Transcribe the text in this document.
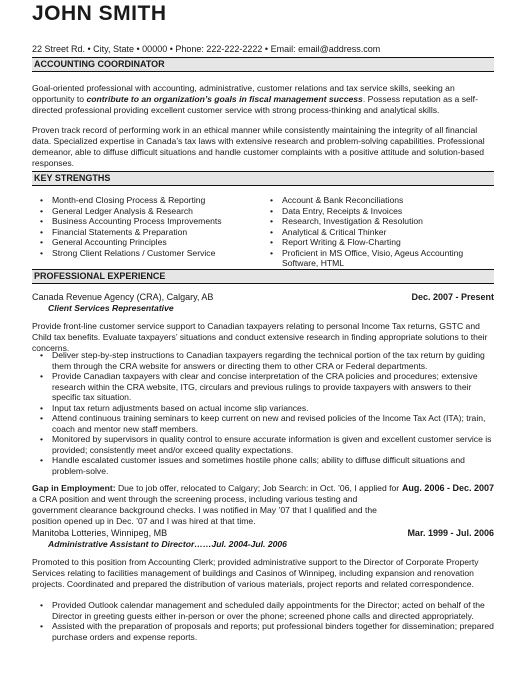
JOHN SMITH
22 Street Rd. • City, State • 00000 • Phone: 222-222-2222 • Email: email@address.com
ACCOUNTING COORDINATOR
Goal-oriented professional with accounting, administrative, customer relations and tax service skills, seeking an opportunity to contribute to an organization’s goals in fiscal management success. Possess reputation as a self-directed professional providing excellent customer service with strong process-thinking and analytical skills.
Proven track record of performing work in an ethical manner while consistently maintaining the integrity of all financial data. Specialized expertise in Canada’s tax laws with extensive research and problem-solving capabilities. Professional demeanor, able to diffuse difficult situations and handle customer complaints with a positive attitude and solution-based responses.
KEY STRENGTHS
• Month-end Closing Process & Reporting
• General Ledger Analysis & Research
• Business Accounting Process Improvements
• Financial Statements & Preparation
• General Accounting Principles
• Strong Client Relations / Customer Service
• Account & Bank Reconciliations
• Data Entry, Receipts & Invoices
• Research, Investigation & Resolution
• Analytical & Critical Thinker
• Report Writing & Flow-Charting
• Proficient in MS Office, Visio, Ageus Accounting Software, HTML
PROFESSIONAL EXPERIENCE
Canada Revenue Agency (CRA), Calgary, AB	Dec. 2007 - Present
Client Services Representative
Provide front-line customer service support to Canadian taxpayers relating to personal Income Tax returns, GSTC and Child tax benefits. Evaluate taxpayers’ situations and conduct extensive research in finding appropriate solutions to their concerns.
• Deliver step-by-step instructions to Canadian taxpayers regarding the technical portion of the tax return by guiding them through the CRA website for answers or directing them to other CRA or Federal departments.
• Provide Canadian taxpayers with clear and concise interpretation of the CRA policies and procedures; extensive research within the CRA website, ITG, circulars and previous rulings to provide taxpayers with answers to their specific tax situation.
• Input tax return adjustments based on actual income slip variances.
• Attend continuous training seminars to keep current on new and revised policies of the Income Tax Act (ITA); train, coach and mentor new staff members.
• Monitored by supervisors in quality control to ensure accurate information is given and excellent customer service is provided; consistently meet and/or exceed quality expectations.
• Handle escalated customer issues and sometimes hostile phone calls; ability to diffuse difficult situations and problem-solve.
Gap in Employment: Due to job offer, relocated to Calgary; Job Search: in Oct. ’06, I applied for a CRA position and went through the screening process, including various testing and government clearance background checks. I was notified in May ’07 that I qualified and the position opened up in Dec. ’07 and I was hired at that time.
Aug. 2006 - Dec. 2007
Manitoba Lotteries, Winnipeg, MB	Mar. 1999 - Jul. 2006
Administrative Assistant to Director……Jul. 2004-Jul. 2006
Promoted to this position from Accounting Clerk; provided administrative support to the Director of Corporate Property Services relating to facilities management of buildings and Casinos of Winnipeg, including expansion and renovation projects. Coordinated and prepared the distribution of various materials, project reports and related correspondence.
• Provided Outlook calendar management and scheduled daily appointments for the Director; acted on behalf of the Director in greeting guests either in-person or over the phone; screened phone calls and directed appropriately.
• Assisted with the preparation of proposals and reports; put professional binders together for dissemination; prepared purchase orders and expense reports.
